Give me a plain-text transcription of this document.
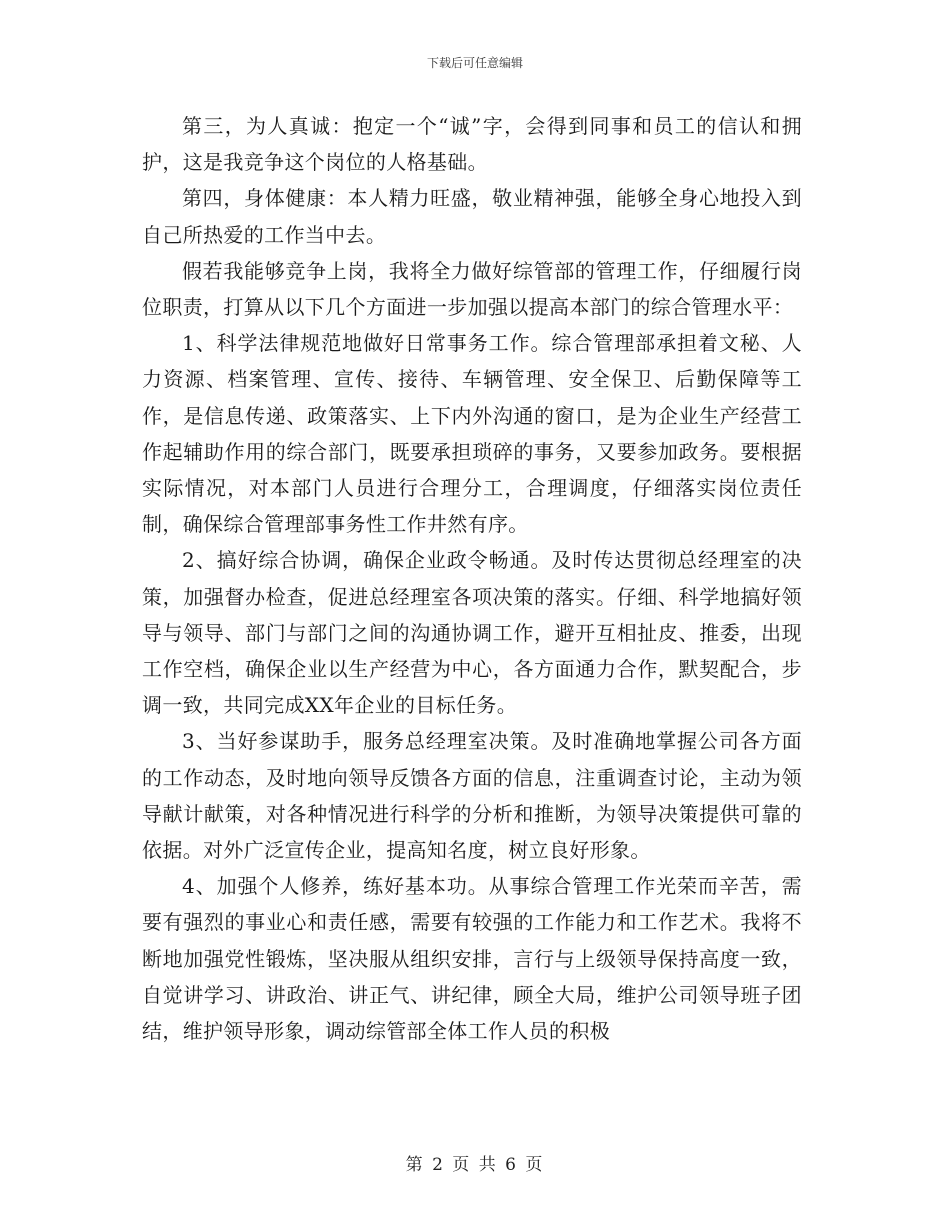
下载后可任意编辑

第三，为人真诚：抱定一个“诚”字，会得到同事和员工的信认和拥护，这是我竞争这个岗位的人格基础。

第四，身体健康：本人精力旺盛，敬业精神强，能够全身心地投入到自己所热爱的工作当中去。

假若我能够竞争上岗，我将全力做好综管部的管理工作，仔细履行岗位职责，打算从以下几个方面进一步加强以提高本部门的综合管理水平：

1、科学法律规范地做好日常事务工作。综合管理部承担着文秘、人力资源、档案管理、宣传、接待、车辆管理、安全保卫、后勤保障等工作，是信息传递、政策落实、上下内外沟通的窗口，是为企业生产经营工作起辅助作用的综合部门，既要承担琐碎的事务，又要参加政务。要根据实际情况，对本部门人员进行合理分工，合理调度，仔细落实岗位责任制，确保综合管理部事务性工作井然有序。

2、搞好综合协调，确保企业政令畅通。及时传达贯彻总经理室的决策，加强督办检查，促进总经理室各项决策的落实。仔细、科学地搞好领导与领导、部门与部门之间的沟通协调工作，避开互相扯皮、推委，出现工作空档，确保企业以生产经营为中心，各方面通力合作，默契配合，步调一致，共同完成XX年企业的目标任务。

3、当好参谋助手，服务总经理室决策。及时准确地掌握公司各方面的工作动态，及时地向领导反馈各方面的信息，注重调查讨论，主动为领导献计献策，对各种情况进行科学的分析和推断，为领导决策提供可靠的依据。对外广泛宣传企业，提高知名度，树立良好形象。

4、加强个人修养，练好基本功。从事综合管理工作光荣而辛苦，需要有强烈的事业心和责任感，需要有较强的工作能力和工作艺术。我将不断地加强党性锻炼，坚决服从组织安排，言行与上级领导保持高度一致，自觉讲学习、讲政治、讲正气、讲纪律，顾全大局，维护公司领导班子团结，维护领导形象，调动综管部全体工作人员的积极

第 2 页 共 6 页
